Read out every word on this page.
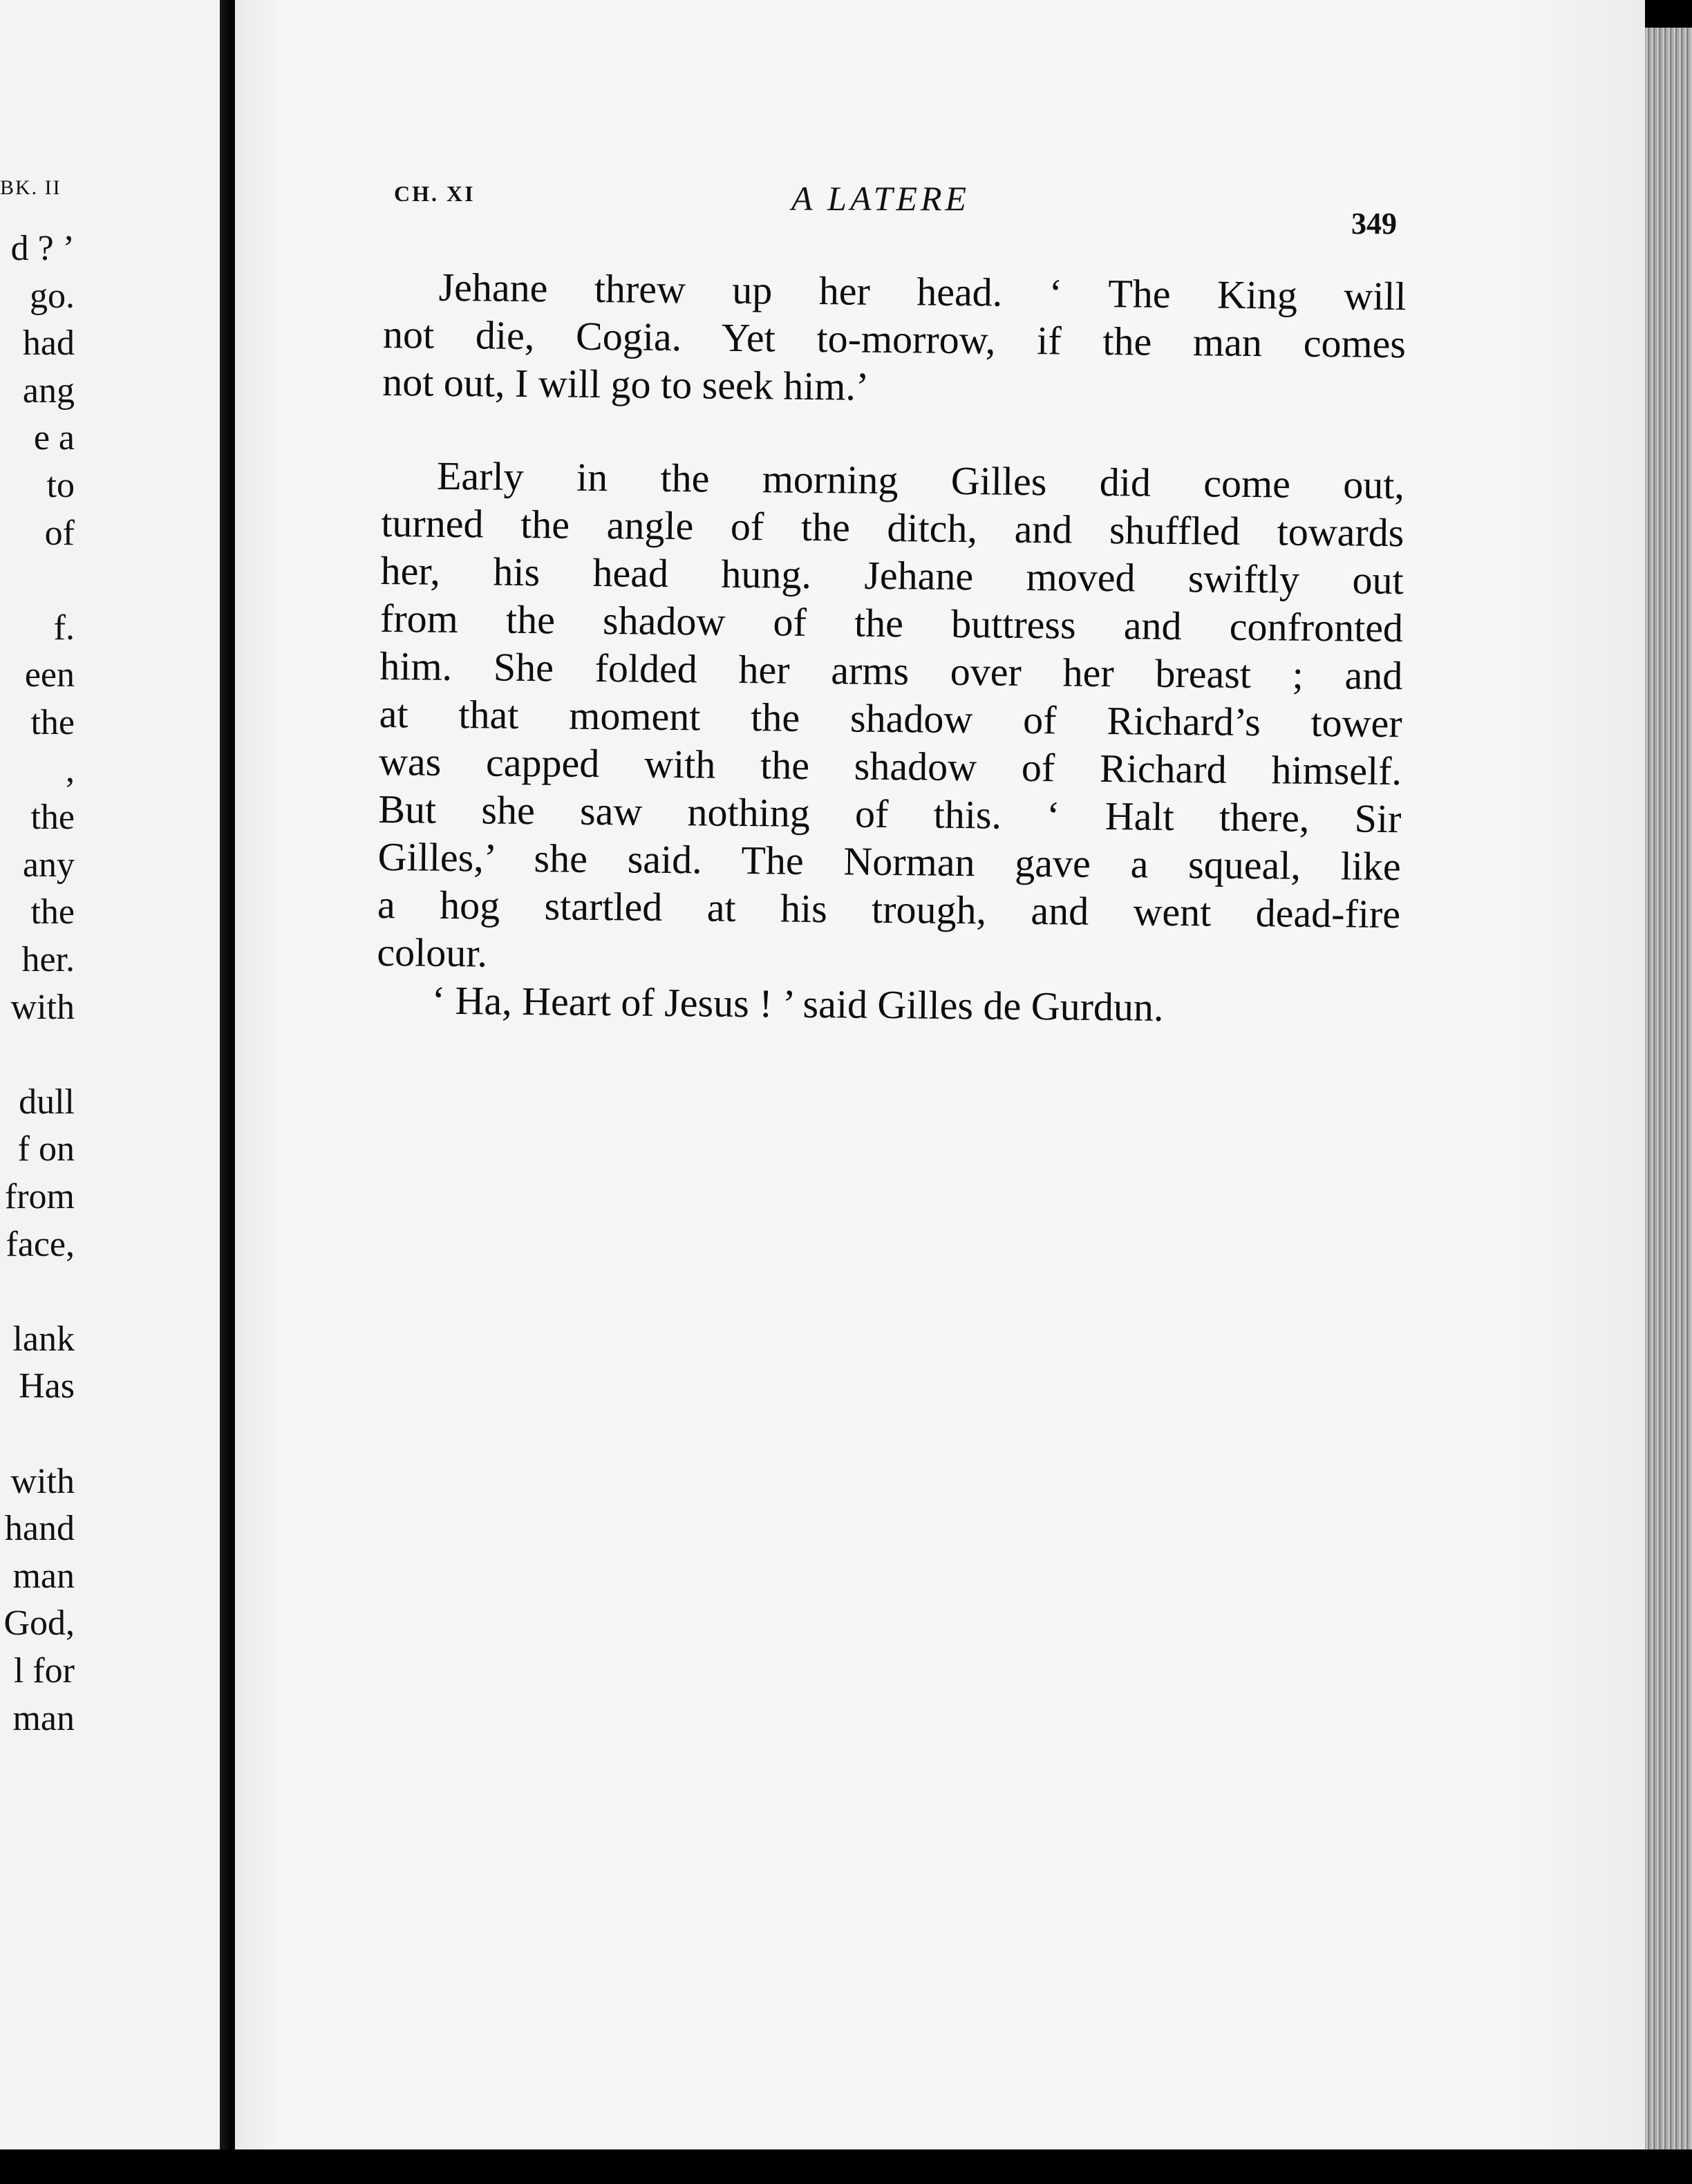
BK. II
d ? ’
go.
had
ang
e a
to
of
f.
een
the
,
the
any
the
her.
with
dull
f on
from
face,
lank
Has
with
hand
man
God,
l for
man
CH. XI	A LATERE
349
Jehane threw up her head. ‘ The King will
not die, Cogia. Yet to-morrow, if the man comes
not out, I will go to seek him.’
Early in the morning Gilles did come out,
turned the angle of the ditch, and shuffled towards
her, his head hung. Jehane moved swiftly out
from the shadow of the buttress and confronted
him. She folded her arms over her breast ; and
at that moment the shadow of Richard’s tower
was capped with the shadow of Richard himself.
But she saw nothing of this. ‘ Halt there, Sir
Gilles,’ she said. The Norman gave a squeal, like
a hog startled at his trough, and went dead-fire
colour.
‘ Ha, Heart of Jesus ! ’ said Gilles de Gurdun.
